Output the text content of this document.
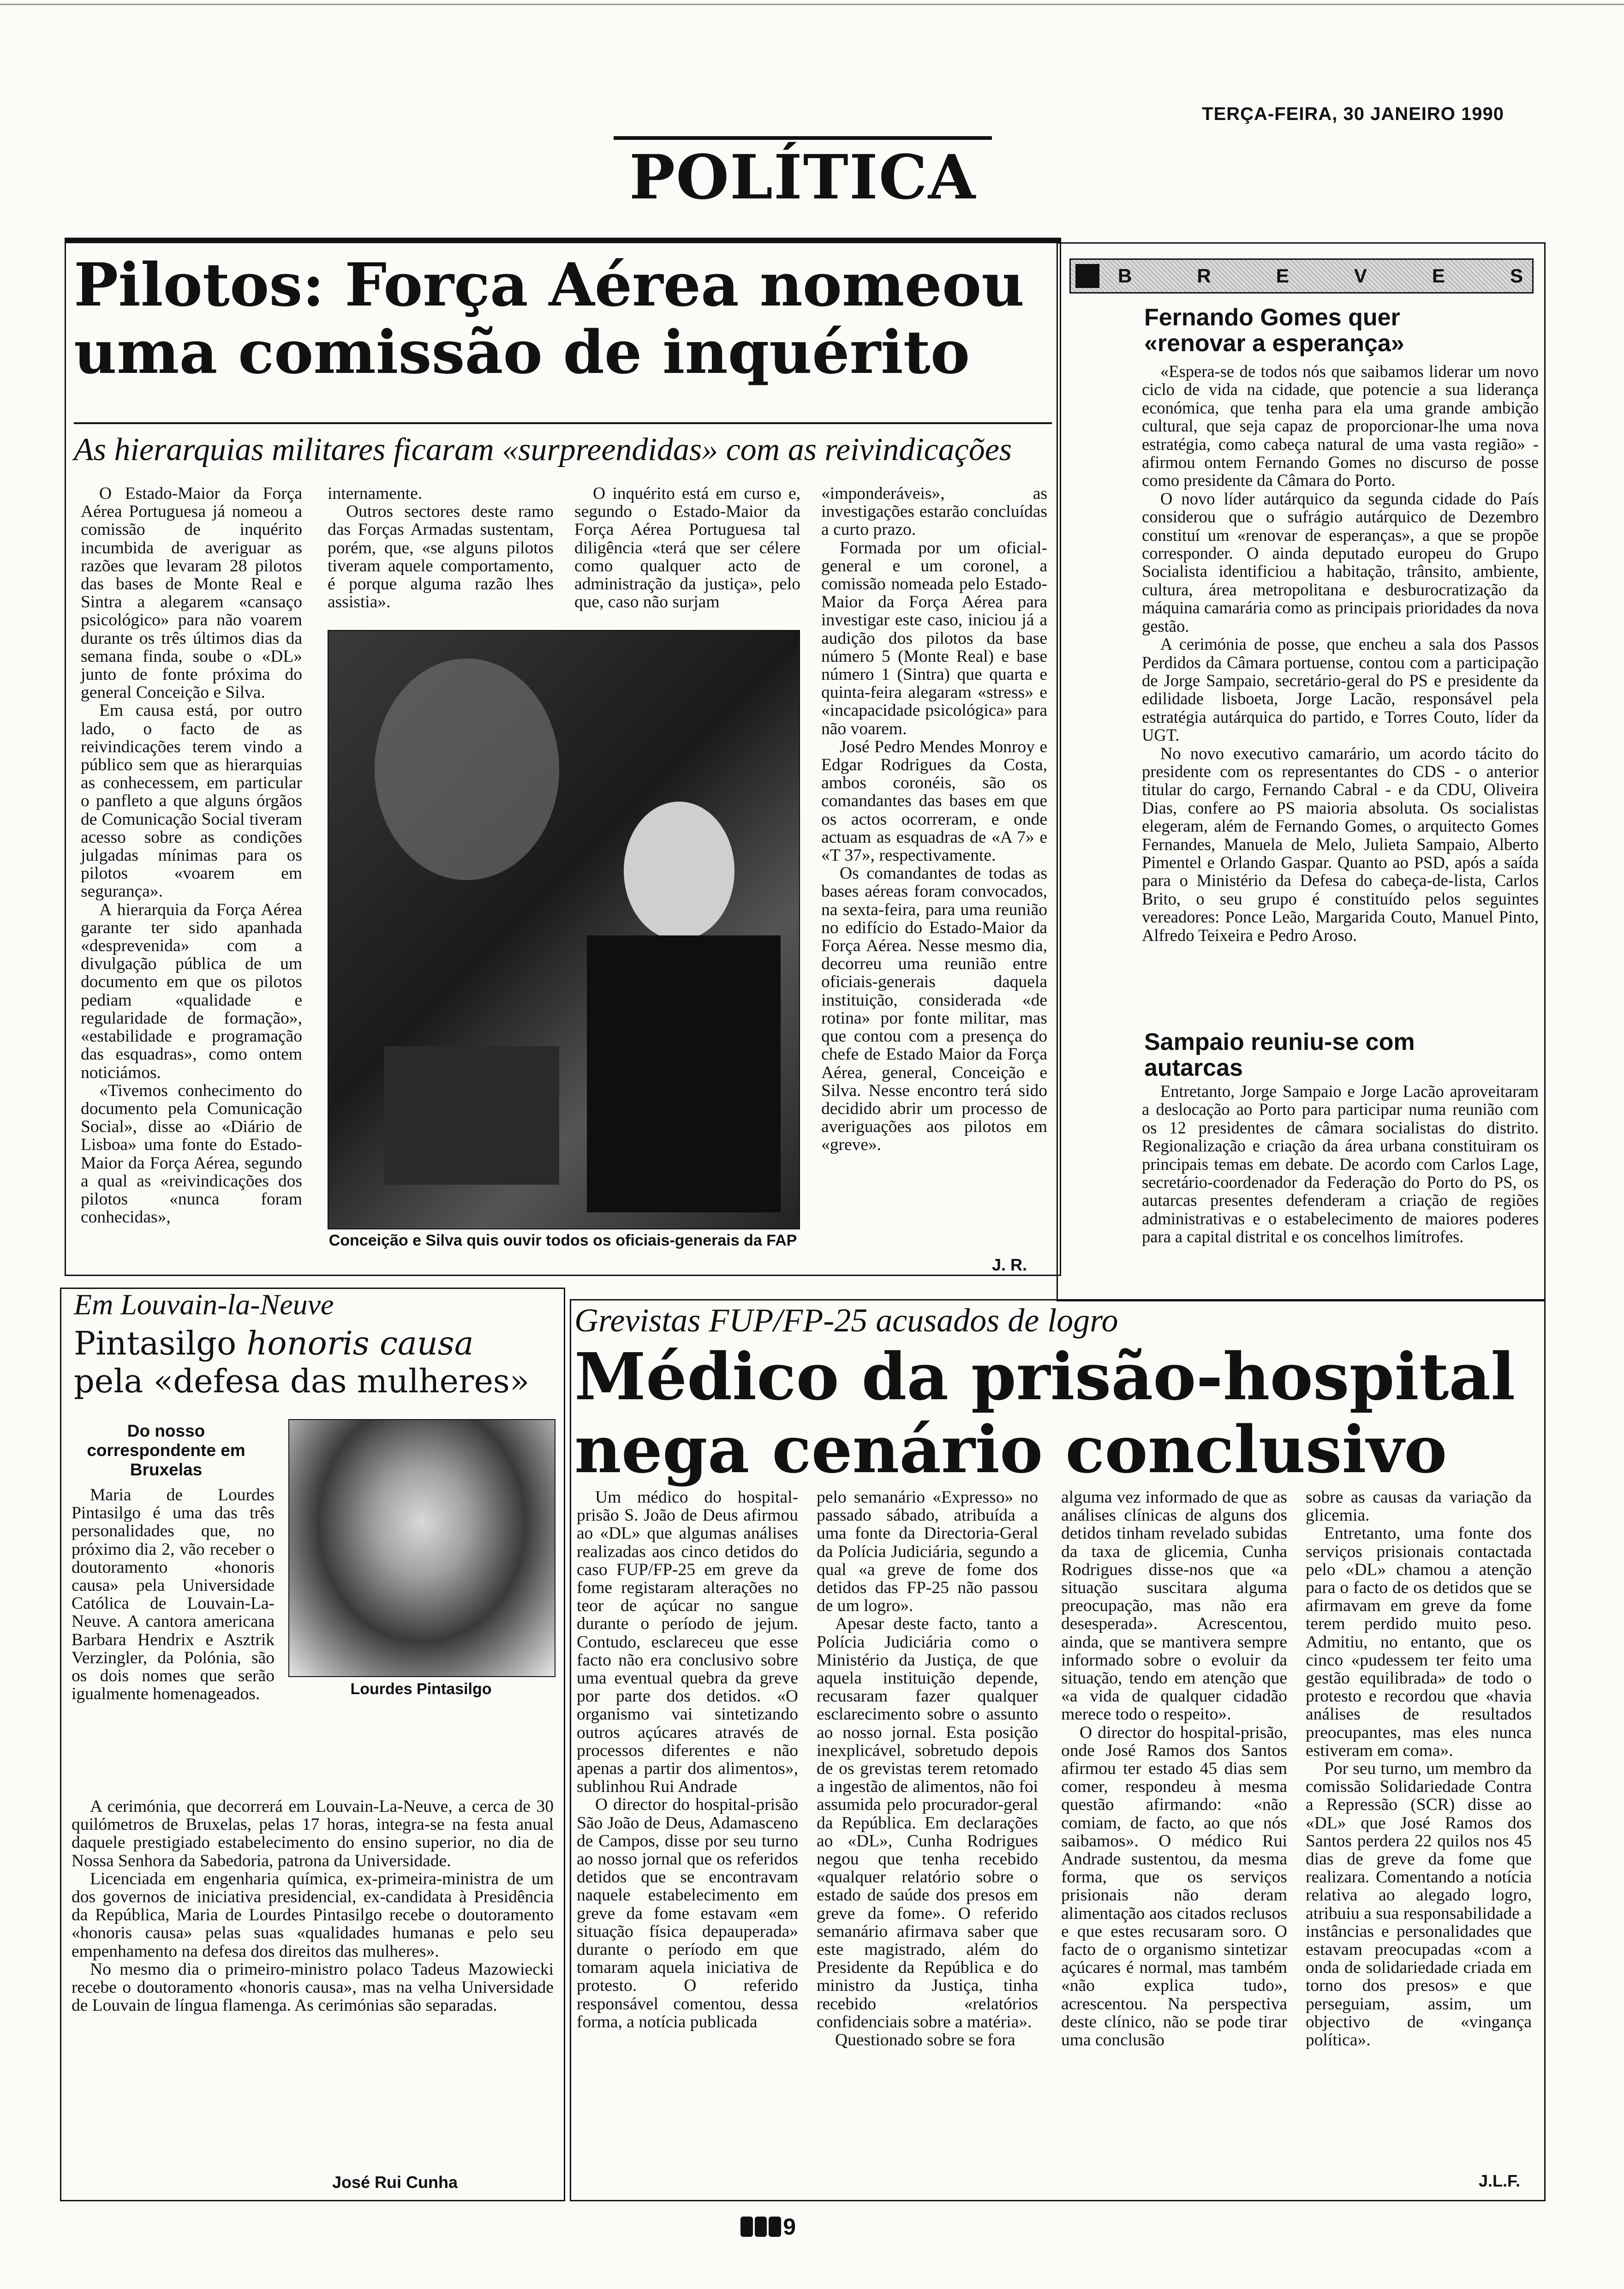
TERÇA-FEIRA, 30 JANEIRO 1990
POLÍTICA
Pilotos: Força Aérea nomeou uma comissão de inquérito
As hierarquias militares ficaram «surpreendidas» com as reivindicações

O Estado-Maior da Força Aérea Portuguesa já nomeou a comissão de inquérito incumbida de averiguar as razões que levaram 28 pilotos das bases de Monte Real e Sintra a alegarem «cansaço psicológico» para não voarem durante os três últimos dias da semana finda, soube o «DL» junto de fonte próxima do general Conceição e Silva.

Em causa está, por outro lado, o facto de as reivindicações terem vindo a público sem que as hierarquias as conhecessem, em particular o panfleto a que alguns órgãos de Comunicação Social tiveram acesso sobre as condições julgadas mínimas para os pilotos «voarem em segurança».

A hierarquia da Força Aérea garante ter sido apanhada «desprevenida» com a divulgação pública de um documento em que os pilotos pediam «qualidade e regularidade de formação», «estabilidade e programação das esquadras», como ontem noticiámos.

«Tivemos conhecimento do documento pela Comunicação Social», disse ao «Diário de Lisboa» uma fonte do Estado-Maior da Força Aérea, segundo a qual as «reivindicações dos pilotos «nunca foram conhecidas»,

internamente.

Outros sectores deste ramo das Forças Armadas sustentam, porém, que, «se alguns pilotos tiveram aquele comportamento, é porque alguma razão lhes assistia».

O inquérito está em curso e, segundo o Estado-Maior da Força Aérea Portuguesa tal diligência «terá que ser célere como qualquer acto de administração da justiça», pelo que, caso não surjam

Conceição e Silva quis ouvir todos os oficiais-generais da FAP

«imponderáveis», as investigações estarão concluídas a curto prazo.

Formada por um oficial-general e um coronel, a comissão nomeada pelo Estado-Maior da Força Aérea para investigar este caso, iniciou já a audição dos pilotos da base número 5 (Monte Real) e base número 1 (Sintra) que quarta e quinta-feira alegaram «stress» e «incapacidade psicológica» para não voarem.

José Pedro Mendes Monroy e Edgar Rodrigues da Costa, ambos coronéis, são os comandantes das bases em que os actos ocorreram, e onde actuam as esquadras de «A 7» e «T 37», respectivamente.

Os comandantes de todas as bases aéreas foram convocados, na sexta-feira, para uma reunião no edifício do Estado-Maior da Força Aérea. Nesse mesmo dia, decorreu uma reunião entre oficiais-generais daquela instituição, considerada «de rotina» por fonte militar, mas que contou com a presença do chefe de Estado Maior da Força Aérea, general, Conceição e Silva. Nesse encontro terá sido decidido abrir um processo de averiguações aos pilotos em «greve».

J. R.
B	R	E	V	E	S
Fernando Gomes quer «renovar a esperança»

«Espera-se de todos nós que saibamos liderar um novo ciclo de vida na cidade, que potencie a sua liderança económica, que tenha para ela uma grande ambição cultural, que seja capaz de proporcionar-lhe uma nova estratégia, como cabeça natural de uma vasta região» - afirmou ontem Fernando Gomes no discurso de posse como presidente da Câmara do Porto.

O novo líder autárquico da segunda cidade do País considerou que o sufrágio autárquico de Dezembro constituí um «renovar de esperanças», a que se propõe corresponder. O ainda deputado europeu do Grupo Socialista identificiou a habitação, trânsito, ambiente, cultura, área metropolitana e desburocratização da máquina camarária como as principais prioridades da nova gestão.

A cerimónia de posse, que encheu a sala dos Passos Perdidos da Câmara portuense, contou com a participação de Jorge Sampaio, secretário-geral do PS e presidente da edilidade lisboeta, Jorge Lacão, responsável pela estratégia autárquica do partido, e Torres Couto, líder da UGT.

No novo executivo camarário, um acordo tácito do presidente com os representantes do CDS - o anterior titular do cargo, Fernando Cabral - e da CDU, Oliveira Dias, confere ao PS maioria absoluta. Os socialistas elegeram, além de Fernando Gomes, o arquitecto Gomes Fernandes, Manuela de Melo, Julieta Sampaio, Alberto Pimentel e Orlando Gaspar. Quanto ao PSD, após a saída para o Ministério da Defesa do cabeça-de-lista, Carlos Brito, o seu grupo é constituído pelos seguintes vereadores: Ponce Leão, Margarida Couto, Manuel Pinto, Alfredo Teixeira e Pedro Aroso.

Sampaio reuniu-se com autarcas

Entretanto, Jorge Sampaio e Jorge Lacão aproveitaram a deslocação ao Porto para participar numa reunião com os 12 presidentes de câmara socialistas do distrito. Regionalização e criação da área urbana constituiram os principais temas em debate. De acordo com Carlos Lage, secretário-coordenador da Federação do Porto do PS, os autarcas presentes defenderam a criação de regiões administrativas e o estabelecimento de maiores poderes para a capital distrital e os concelhos limítrofes.

Em Louvain-la-Neuve
Pintasilgo honoris causa
pela «defesa das mulheres»
Do nosso correspondente em Bruxelas

Maria de Lourdes Pintasilgo é uma das três personalidades que, no próximo dia 2, vão receber o doutoramento «honoris causa» pela Universidade Católica de Louvain-La-Neuve. A cantora americana Barbara Hendrix e Asztrik Verzingler, da Polónia, são os dois nomes que serão igualmente homenageados.	Lourdes Pintasilgo

A cerimónia, que decorrerá em Louvain-La-Neuve, a cerca de 30 quilómetros de Bruxelas, pelas 17 horas, integra-se na festa anual daquele prestigiado estabelecimento do ensino superior, no dia de Nossa Senhora da Sabedoria, patrona da Universidade.

Licenciada em engenharia química, ex-primeira-ministra de um dos governos de iniciativa presidencial, ex-candidata à Presidência da República, Maria de Lourdes Pintasilgo recebe o doutoramento «honoris causa» pelas suas «qualidades humanas e pelo seu empenhamento na defesa dos direitos das mulheres».

No mesmo dia o primeiro-ministro polaco Tadeus Mazowiecki recebe o doutoramento «honoris causa», mas na velha Universidade de Louvain de língua flamenga. As cerimónias são separadas.

José Rui Cunha
Grevistas FUP/FP-25 acusados de logro
Médico da prisão-hospital nega cenário conclusivo

Um médico do hospital-prisão S. João de Deus afirmou ao «DL» que algumas análises realizadas aos cinco detidos do caso FUP/FP-25 em greve da fome registaram alterações no teor de açúcar no sangue durante o período de jejum. Contudo, esclareceu que esse facto não era conclusivo sobre uma eventual quebra da greve por parte dos detidos. «O organismo vai sintetizando outros açúcares através de processos diferentes e não apenas a partir dos alimentos», sublinhou Rui Andrade

O director do hospital-prisão São João de Deus, Adamasceno de Campos, disse por seu turno ao nosso jornal que os referidos detidos que se encontravam naquele estabelecimento em greve da fome estavam «em situação física depauperada» durante o período em que tomaram aquela iniciativa de protesto. O referido responsável comentou, dessa forma, a notícia publicada

pelo semanário «Expresso» no passado sábado, atribuída a uma fonte da Directoria-Geral da Polícia Judiciária, segundo a qual «a greve de fome dos detidos das FP-25 não passou de um logro».

Apesar deste facto, tanto a Polícia Judiciária como o Ministério da Justiça, de que aquela instituição depende, recusaram fazer qualquer esclarecimento sobre o assunto ao nosso jornal. Esta posição inexplicável, sobretudo depois de os grevistas terem retomado a ingestão de alimentos, não foi assumida pelo procurador-geral da República. Em declarações ao «DL», Cunha Rodrigues negou que tenha recebido «qualquer relatório sobre o estado de saúde dos presos em greve da fome». O referido semanário afirmava saber que este magistrado, além do Presidente da República e do ministro da Justiça, tinha recebido «relatórios confidenciais sobre a matéria».

Questionado sobre se fora

alguma vez informado de que as análises clínicas de alguns dos detidos tinham revelado subidas da taxa de glicemia, Cunha Rodrigues disse-nos que «a situação suscitara alguma preocupação, mas não era desesperada». Acrescentou, ainda, que se mantivera sempre informado sobre o evoluir da situação, tendo em atenção que «a vida de qualquer cidadão merece todo o respeito».

O director do hospital-prisão, onde José Ramos dos Santos afirmou ter estado 45 dias sem comer, respondeu à mesma questão afirmando: «não comiam, de facto, ao que nós saibamos». O médico Rui Andrade sustentou, da mesma forma, que os serviços prisionais não deram alimentação aos citados reclusos e que estes recusaram soro. O facto de o organismo sintetizar açúcares é normal, mas também «não explica tudo», acrescentou. Na perspectiva deste clínico, não se pode tirar uma conclusão

sobre as causas da variação da glicemia.

Entretanto, uma fonte dos serviços prisionais contactada pelo «DL» chamou a atenção para o facto de os detidos que se afirmavam em greve da fome terem perdido muito peso. Admitiu, no entanto, que os cinco «pudessem ter feito uma gestão equilibrada» de todo o protesto e recordou que «havia análises de resultados preocupantes, mas eles nunca estiveram em coma».

Por seu turno, um membro da comissão Solidariedade Contra a Repressão (SCR) disse ao «DL» que José Ramos dos Santos perdera 22 quilos nos 45 dias de greve da fome que realizara. Comentando a notícia relativa ao alegado logro, atribuiu a sua responsabilidade a instâncias e personalidades que estavam preocupadas «com a onda de solidariedade criada em torno dos presos» e que perseguiam, assim, um objectivo de «vingança política».

J.L.F.
9
